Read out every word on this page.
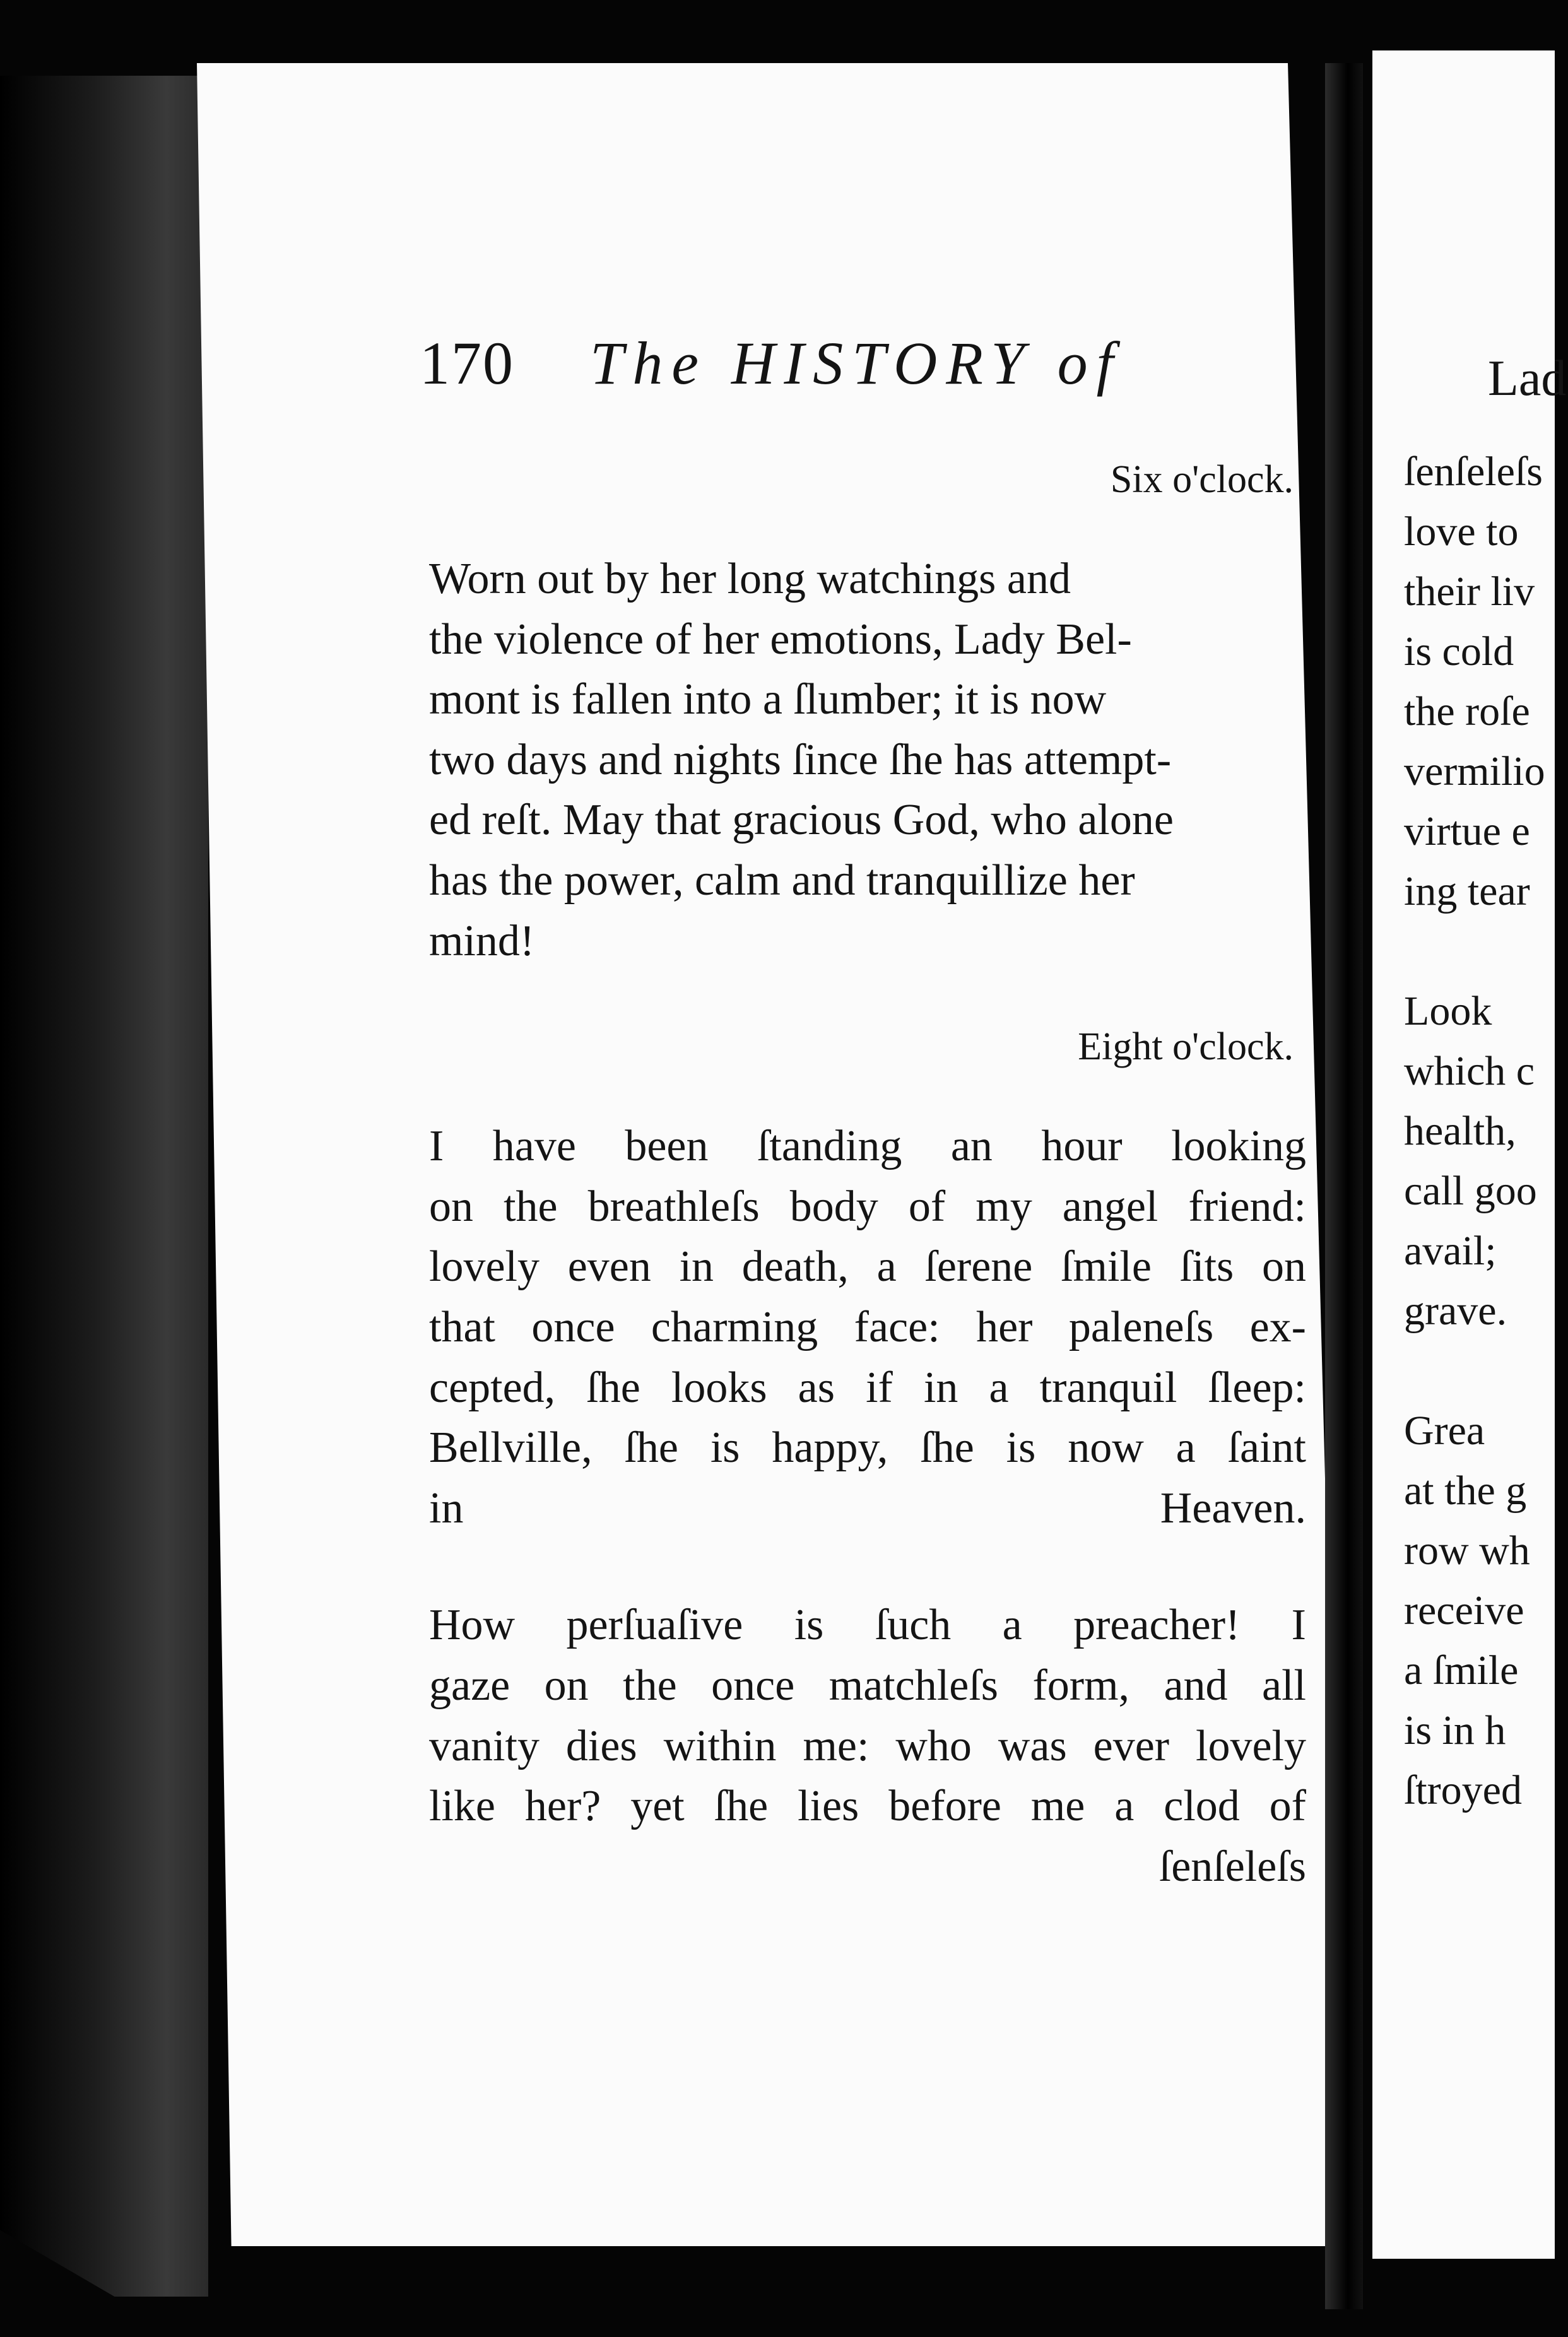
170 The HISTORY of

Six o'clock.

Worn out by her long watchings and
the violence of her emotions, Lady Bel-
mont is fallen into a ſlumber; it is now
two days and nights ſince ſhe has attempt-
ed reſt. May that gracious God, who alone
has the power, calm and tranquillize her
mind!

Eight o'clock.

I have been ſtanding an hour looking
on the breathleſs body of my angel friend:
lovely even in death, a ſerene ſmile ſits on
that once charming face: her paleneſs ex-
cepted, ſhe looks as if in a tranquil ſleep:
Bellville, ſhe is happy, ſhe is now a ſaint
in Heaven.

How perſuaſive is ſuch a preacher! I
gaze on the once matchleſs form, and all
vanity dies within me: who was ever lovely
like her? yet ſhe lies before me a clod of

ſenſeleſs

Lad
ſenſeleſs
love to
their liv
is cold
the roſe
vermilio
virtue e
ing tear

Look
which c
health,
call goo
avail;
grave.

Grea
at the g
row wh
receive
a ſmile
is in h
ſtroyed
